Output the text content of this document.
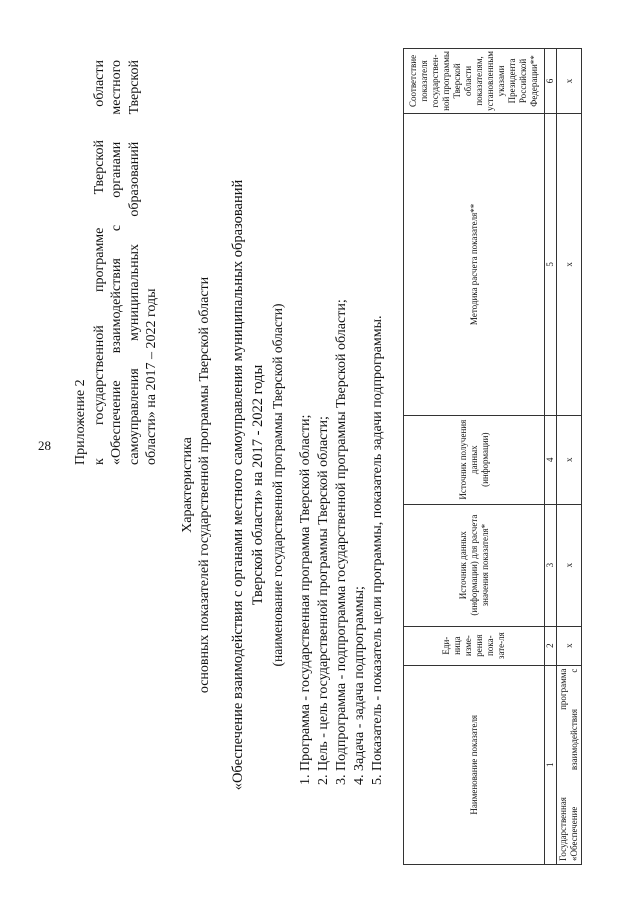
28 Приложение 2 к государственной программе Тверской области «Обеспечение взаимодействия с органами местного самоуправления муниципальных образований Тверской области» на 2017 – 2022 годы
Характеристика основных показателей государственной программы Тверской области «Обеспечение взаимодействия с органами местного самоуправления муниципальных образований Тверской области» на 2017 - 2022 годы (наименование государственной программы Тверской области) 1. Программа - государственная программа Тверской области; 2. Цель - цель государственной программы Тверской области; 3. Подпрограмма - подпрограмма государственной программы Тверской области; 4. Задача - задача подпрограммы; 5. Показатель - показатель цели программы, показатель задачи подпрограммы.	Наименование показателя	Еди-ница изме-рения пока-зате-ля	Источник данных (информации) для расчета значения показателя*	Источник получения данных (информации)	Методика расчета показателя**	Соответствие показателя государствен-ной программы Тверской области показателям, установленным указами Президента Российской Федерации**
1	2	3	4	5	6

Государственная программа «Обеспечение взаимодействия с	х	х	х	х	х
